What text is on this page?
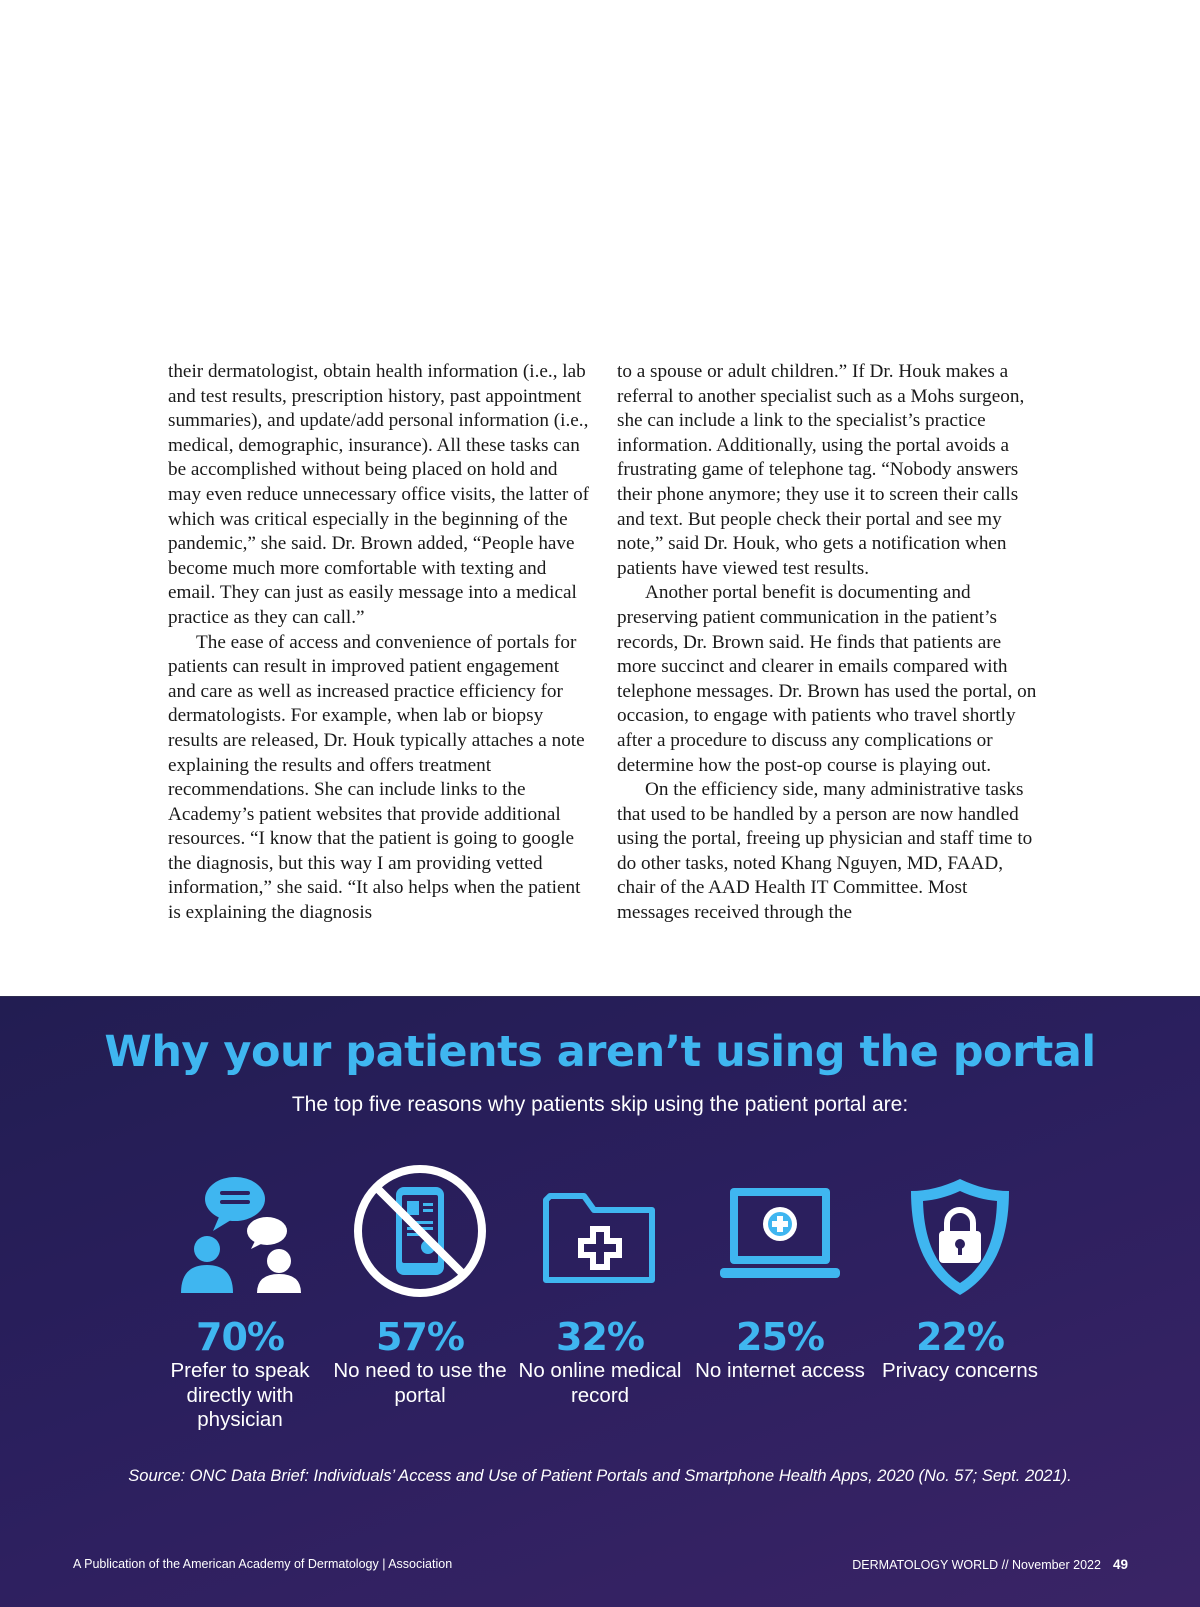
their dermatologist, obtain health information (i.e., lab and test results, prescription history, past appointment summaries), and update/add personal information (i.e., medical, demographic, insurance). All these tasks can be accomplished without being placed on hold and may even reduce unnecessary office visits, the latter of which was critical especially in the beginning of the pandemic,” she said. Dr. Brown added, “People have become much more comfortable with texting and email. They can just as easily message into a medical practice as they can call.”

The ease of access and convenience of portals for patients can result in improved patient engagement and care as well as increased practice efficiency for dermatologists. For example, when lab or biopsy results are released, Dr. Houk typically attaches a note explaining the results and offers treatment recommendations. She can include links to the Academy’s patient websites that provide additional resources. “I know that the patient is going to google the diagnosis, but this way I am providing vetted information,” she said. “It also helps when the patient is explaining the diagnosis

to a spouse or adult children.” If Dr. Houk makes a referral to another specialist such as a Mohs surgeon, she can include a link to the specialist’s practice information. Additionally, using the portal avoids a frustrating game of telephone tag. “Nobody answers their phone anymore; they use it to screen their calls and text. But people check their portal and see my note,” said Dr. Houk, who gets a notification when patients have viewed test results.

Another portal benefit is documenting and preserving patient communication in the patient’s records, Dr. Brown said. He finds that patients are more succinct and clearer in emails compared with telephone messages. Dr. Brown has used the portal, on occasion, to engage with patients who travel shortly after a procedure to discuss any complications or determine how the post-op course is playing out.

On the efficiency side, many administrative tasks that used to be handled by a person are now handled using the portal, freeing up physician and staff time to do other tasks, noted Khang Nguyen, MD, FAAD, chair of the AAD Health IT Committee. Most messages received through the

Why your patients aren’t using the portal

The top five reasons why patients skip using the patient portal are:

70%
Prefer to speak directly with physician
57%
No need to use the portal
32%
No online medical record
25%
No internet access
22%
Privacy concerns

Source: ONC Data Brief: Individuals’ Access and Use of Patient Portals and Smartphone Health Apps, 2020 (No. 57; Sept. 2021).

A Publication of the American Academy of Dermatology | Association	DERMATOLOGY WORLD // November 2022 49
